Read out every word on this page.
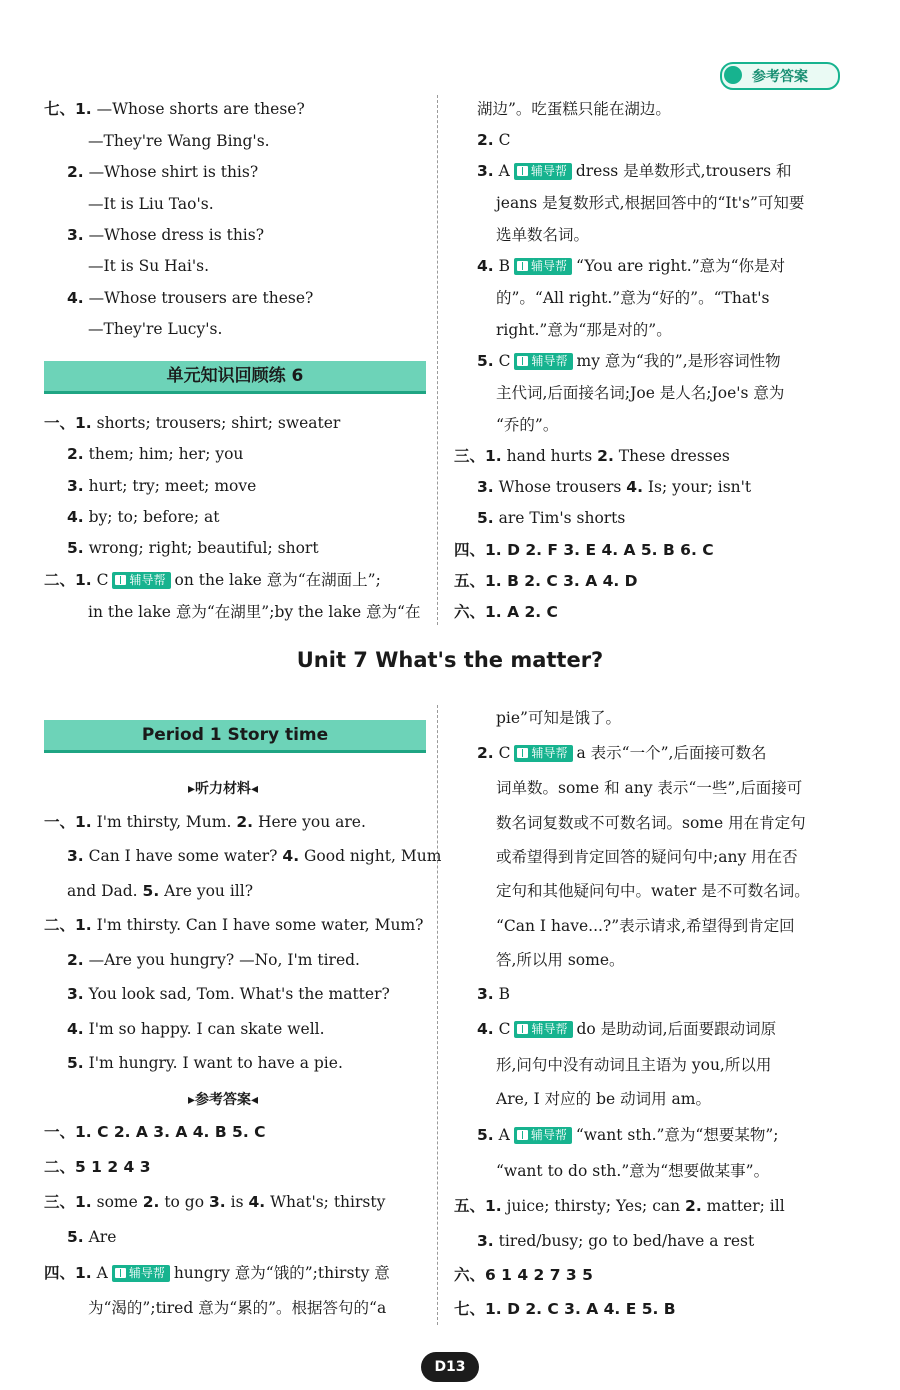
参考答案
七、1. —Whose shorts are these?
—They're Wang Bing's.
2. —Whose shirt is this?
—It is Liu Tao's.
3. —Whose dress is this?
—It is Su Hai's.
4. —Whose trousers are these?
—They're Lucy's.
单元知识回顾练 6
一、1. shorts; trousers; shirt; sweater
2. them; him; her; you
3. hurt; try; meet; move
4. by; to; before; at
5. wrong; right; beautiful; short
二、1. C 辅导帮 on the lake 意为“在湖面上”;
in the lake 意为“在湖里”;by the lake 意为“在
湖边”。吃蛋糕只能在湖边。
2. C
3. A 辅导帮 dress 是单数形式,trousers 和
jeans 是复数形式,根据回答中的“It's”可知要
选单数名词。
4. B 辅导帮 “You are right.”意为“你是对
的”。“All right.”意为“好的”。“That's
right.”意为“那是对的”。
5. C 辅导帮 my 意为“我的”,是形容词性物
主代词,后面接名词;Joe 是人名;Joe's 意为
“乔的”。
三、1. hand hurts 2. These dresses
3. Whose trousers 4. Is; your; isn't
5. are Tim's shorts
四、1. D 2. F 3. E 4. A 5. B 6. C
五、1. B 2. C 3. A 4. D
六、1. A 2. C
Unit 7 What's the matter?
Period 1 Story time
▸听力材料◂
一、1. I'm thirsty, Mum. 2. Here you are.
3. Can I have some water? 4. Good night, Mum
and Dad. 5. Are you ill?
二、1. I'm thirsty. Can I have some water, Mum?
2. —Are you hungry? —No, I'm tired.
3. You look sad, Tom. What's the matter?
4. I'm so happy. I can skate well.
5. I'm hungry. I want to have a pie.
▸参考答案◂
一、1. C 2. A 3. A 4. B 5. C
二、5 1 2 4 3
三、1. some 2. to go 3. is 4. What's; thirsty
5. Are
四、1. A 辅导帮 hungry 意为“饿的”;thirsty 意
为“渴的”;tired 意为“累的”。根据答句的“a
pie”可知是饿了。
2. C 辅导帮 a 表示“一个”,后面接可数名
词单数。some 和 any 表示“一些”,后面接可
数名词复数或不可数名词。some 用在肯定句
或希望得到肯定回答的疑问句中;any 用在否
定句和其他疑问句中。water 是不可数名词。
“Can I have...?”表示请求,希望得到肯定回
答,所以用 some。
3. B
4. C 辅导帮 do 是助动词,后面要跟动词原
形,问句中没有动词且主语为 you,所以用
Are, I 对应的 be 动词用 am。
5. A 辅导帮 “want sth.”意为“想要某物”;
“want to do sth.”意为“想要做某事”。
五、1. juice; thirsty; Yes; can 2. matter; ill
3. tired/busy; go to bed/have a rest
六、6 1 4 2 7 3 5
七、1. D 2. C 3. A 4. E 5. B
D13
